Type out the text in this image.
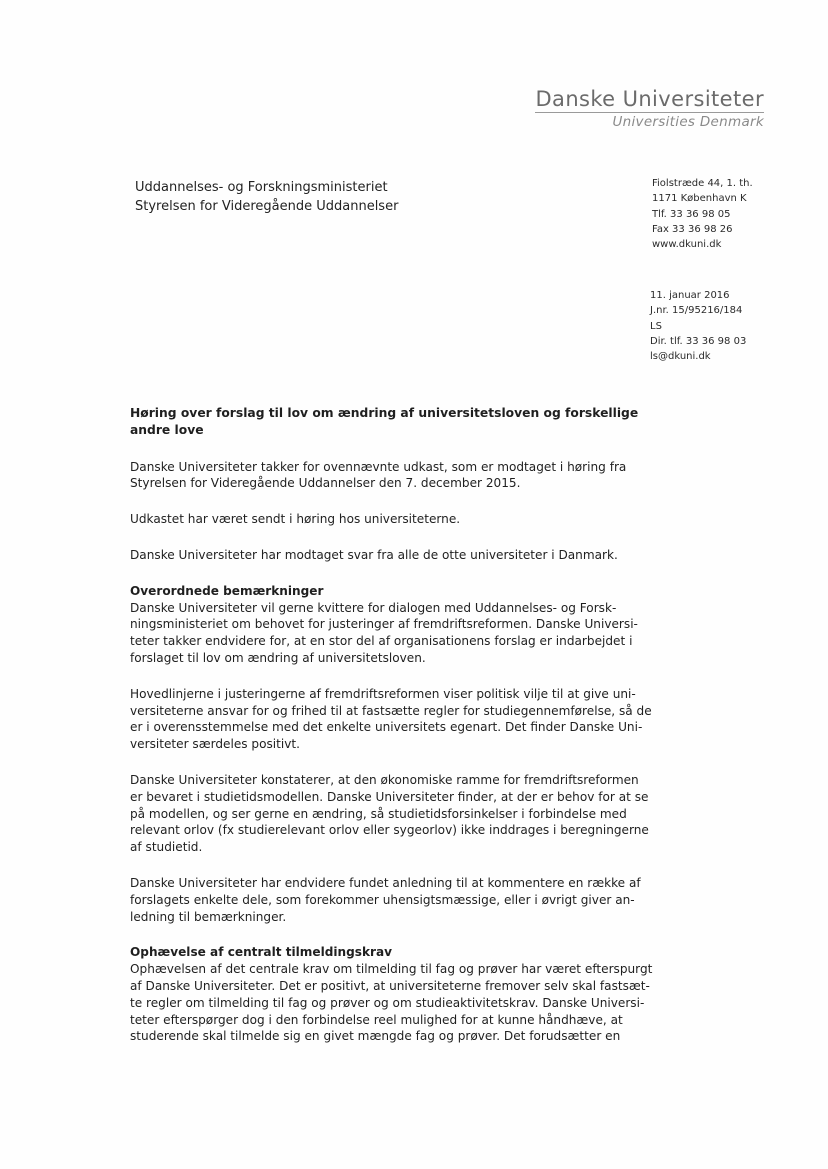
Danske Universiteter
Universities Denmark
Uddannelses- og Forskningsministeriet
Styrelsen for Videregående Uddannelser
Fiolstræde 44, 1. th.
1171 København K
Tlf. 33 36 98 05
Fax 33 36 98 26
www.dkuni.dk
11. januar 2016
J.nr. 15/95216/184
LS
Dir. tlf. 33 36 98 03
ls@dkuni.dk
Høring over forslag til lov om ændring af universitetsloven og forskellige andre love
Danske Universiteter takker for ovennævnte udkast, som er modtaget i høring fra
Styrelsen for Videregående Uddannelser den 7. december 2015.
Udkastet har været sendt i høring hos universiteterne.
Danske Universiteter har modtaget svar fra alle de otte universiteter i Danmark.
Overordnede bemærkninger
Danske Universiteter vil gerne kvittere for dialogen med Uddannelses- og Forsk-
ningsministeriet om behovet for justeringer af fremdriftsreformen. Danske Universi-
teter takker endvidere for, at en stor del af organisationens forslag er indarbejdet i
forslaget til lov om ændring af universitetsloven.
Hovedlinjerne i justeringerne af fremdriftsreformen viser politisk vilje til at give uni-
versiteterne ansvar for og frihed til at fastsætte regler for studiegennemførelse, så de
er i overensstemmelse med det enkelte universitets egenart. Det finder Danske Uni-
versiteter særdeles positivt.
Danske Universiteter konstaterer, at den økonomiske ramme for fremdriftsreformen
er bevaret i studietidsmodellen. Danske Universiteter finder, at der er behov for at se
på modellen, og ser gerne en ændring, så studietidsforsinkelser i forbindelse med
relevant orlov (fx studierelevant orlov eller sygeorlov) ikke inddrages i beregningerne
af studietid.
Danske Universiteter har endvidere fundet anledning til at kommentere en række af
forslagets enkelte dele, som forekommer uhensigtsmæssige, eller i øvrigt giver an-
ledning til bemærkninger.
Ophævelse af centralt tilmeldingskrav
Ophævelsen af det centrale krav om tilmelding til fag og prøver har været efterspurgt
af Danske Universiteter. Det er positivt, at universiteterne fremover selv skal fastsæt-
te regler om tilmelding til fag og prøver og om studieaktivitetskrav. Danske Universi-
teter efterspørger dog i den forbindelse reel mulighed for at kunne håndhæve, at
studerende skal tilmelde sig en givet mængde fag og prøver. Det forudsætter en
